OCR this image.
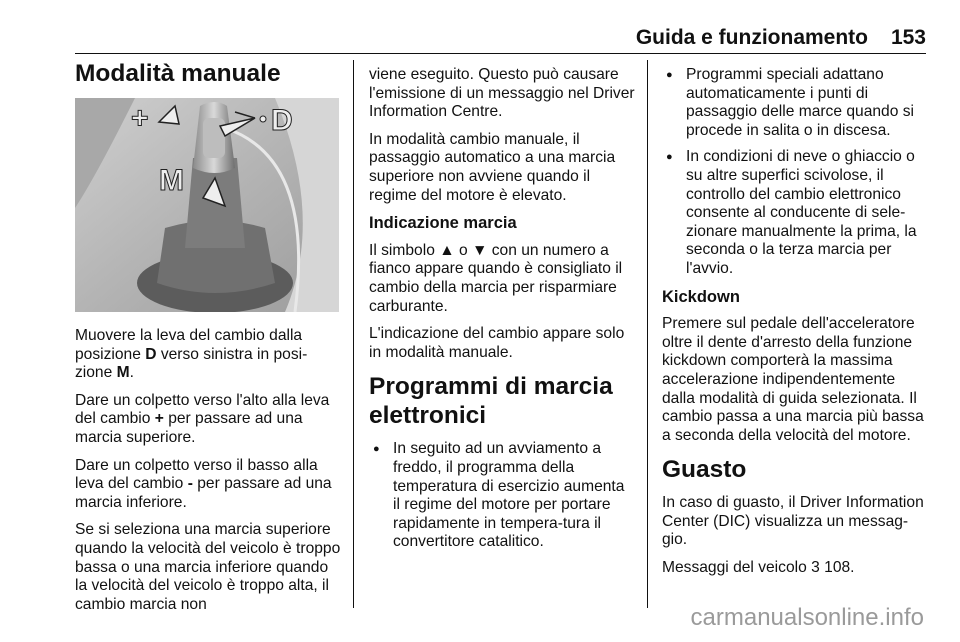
Guida e funzionamento 153
Modalità manuale
M
+	D

Muovere la leva del cambio dalla posizione D verso sinistra in posi-zione M.

Dare un colpetto verso l'alto alla leva del cambio + per passare ad una marcia superiore.

Dare un colpetto verso il basso alla leva del cambio - per passare ad una marcia inferiore.

Se si seleziona una marcia superiore quando la velocità del veicolo è troppo bassa o una marcia inferiore quando la velocità del veicolo è troppo alta, il cambio marcia non

viene eseguito. Questo può causare l'emissione di un messaggio nel Driver Information Centre.

In modalità cambio manuale, il passaggio automatico a una marcia superiore non avviene quando il regime del motore è elevato.

Indicazione marcia

Il simbolo ▲ o ▼ con un numero a fianco appare quando è consigliato il cambio della marcia per risparmiare carburante.

L'indicazione del cambio appare solo in modalità manuale.

Programmi di marcia elettronici
● In seguito ad un avviamento a freddo, il programma della temperatura di esercizio aumenta il regime del motore per portare rapidamente in tempera-tura il convertitore catalitico.
● Programmi speciali adattano automaticamente i punti di passaggio delle marce quando si procede in salita o in discesa.
● In condizioni di neve o ghiaccio o su altre superfici scivolose, il controllo del cambio elettronico consente al conducente di sele-zionare manualmente la prima, la seconda o la terza marcia per l'avvio.
Kickdown

Premere sul pedale dell'acceleratore oltre il dente d'arresto della funzione kickdown comporterà la massima accelerazione indipendentemente dalla modalità di guida selezionata. Il cambio passa a una marcia più bassa a seconda della velocità del motore.

Guasto

In caso di guasto, il Driver Information Center (DIC) visualizza un messag-gio.

Messaggi del veicolo 3 108.

carmanualsonline.info
